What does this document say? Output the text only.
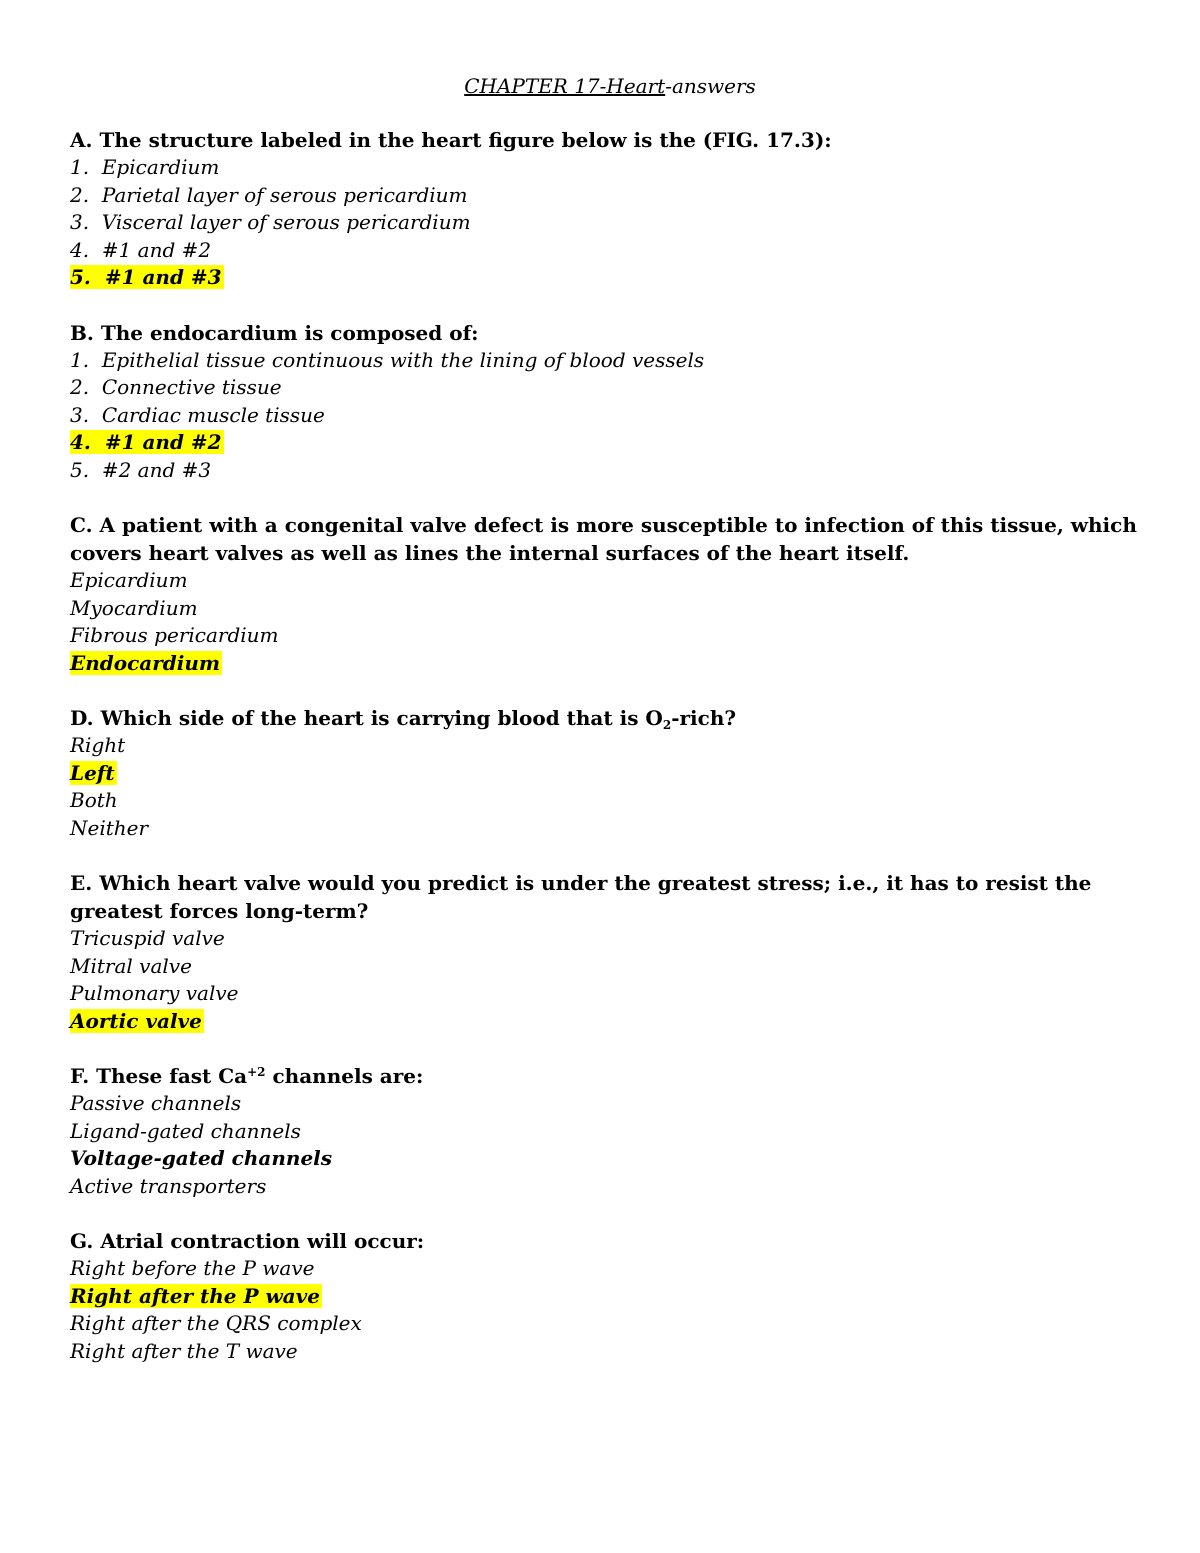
CHAPTER 17-Heart-answers

A. The structure labeled in the heart figure below is the (FIG. 17.3):

1. Epicardium
2. Parietal layer of serous pericardium
3. Visceral layer of serous pericardium
4. #1 and #2
5. #1 and #3

B. The endocardium is composed of:

1. Epithelial tissue continuous with the lining of blood vessels
2. Connective tissue
3. Cardiac muscle tissue
4. #1 and #2
5. #2 and #3

C. A patient with a congenital valve defect is more susceptible to infection of this tissue, which covers heart valves as well as lines the internal surfaces of the heart itself.

Epicardium
Myocardium
Fibrous pericardium
Endocardium

D. Which side of the heart is carrying blood that is $O_2$-rich?

Right
Left
Both
Neither

E. Which heart valve would you predict is under the greatest stress; i.e., it has to resist the greatest forces long-term?

Tricuspid valve
Mitral valve
Pulmonary valve
Aortic valve

F. These fast $Ca^{+2}$ channels are:

Passive channels
Ligand-gated channels
Voltage-gated channels
Active transporters

G. Atrial contraction will occur:

Right before the P wave
Right after the P wave
Right after the QRS complex
Right after the T wave
